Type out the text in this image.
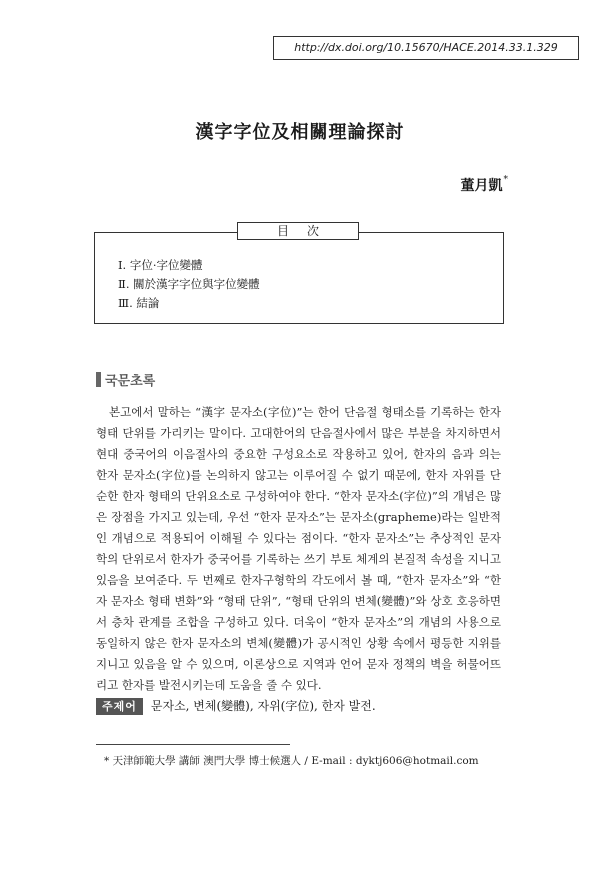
http://dx.doi.org/10.15670/HACE.2014.33.1.329
漢字字位及相關理論探討
董月凱*
目次
Ⅰ. 字位·字位變體
Ⅱ. 關於漢字字位與字位變體
Ⅲ. 結論
국문초록

본고에서 말하는 “漢字 문자소(字位)”는 한어 단음절 형태소를 기록하는 한자 형태 단위를 가리키는 말이다. 고대한어의 단음절사에서 많은 부분을 차지하면서 현대 중국어의 이음절사의 중요한 구성요소로 작용하고 있어, 한자의 음과 의는 한자 문자소(字位)를 논의하지 않고는 이루어질 수 없기 때문에, 한자 자위를 단순한 한자 형태의 단위요소로 구성하여야 한다. “한자 문자소(字位)”의 개념은 많은 장점을 가지고 있는데, 우선 “한자 문자소”는 문자소(grapheme)라는 일반적인 개념으로 적용되어 이해될 수 있다는 점이다. “한자 문자소”는 추상적인 문자학의 단위로서 한자가 중국어를 기록하는 쓰기 부토 체계의 본질적 속성을 지니고 있음을 보여준다. 두 번째로 한자구형학의 각도에서 볼 때, “한자 문자소”와 “한자 문자소 형태 변화”와 “형태 단위”, “형태 단위의 변체(變體)”와 상호 호응하면서 층차 관계를 조합을 구성하고 있다. 더욱이 “한자 문자소”의 개념의 사용으로 동일하지 않은 한자 문자소의 변체(變體)가 공시적인 상황 속에서 평등한 지위를 지니고 있음을 알 수 있으며, 이론상으로 지역과 언어 문자 정책의 벽을 허물어뜨리고 한자를 발전시키는데 도움을 줄 수 있다.

주제어 문자소, 변체(變體), 자위(字位), 한자 발전.
* 天津師範大學 講師 澳門大學 博士候選人 / E-mail : dyktj606@hotmail.com
